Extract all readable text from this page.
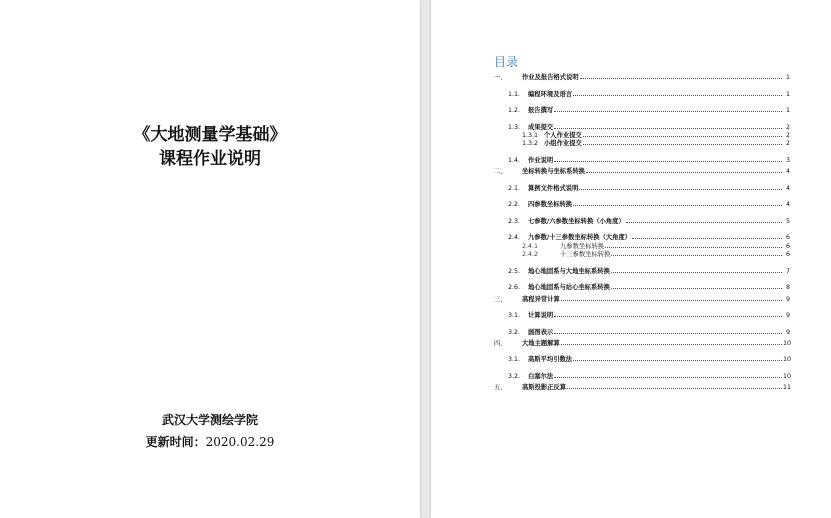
《大地测量学基础》
课程作业说明
武汉大学测绘学院
更新时间：2020.02.29
目录
一、	作业及报告格式说明	1
1.1.	编程环境及语言	1
1.2.	报告撰写	1
1.3.	成果提交	2
1.3.1 个人作业提交	2
1.3.2 小组作业提交	2
1.4.	作业说明	3
二、	坐标转换与坐标系转换	4
2.1.	算例文件格式说明	4
2.2.	四参数坐标转换	4
2.3.	七参数/六参数坐标转换（小角度）	5
2.4.	九参数/十三参数坐标转换（大角度）	6
2.4.1	九参数坐标转换	6
2.4.2	十三参数坐标转换	6
2.5.	地心地固系与大地坐标系转换	7
2.6.	地心地固系与站心坐标系转换	8
三、	高程异常计算	9
3.1.	计算说明	9
3.2.	画图表示	9
四、	大地主题解算	10
3.1.	高斯平均引数法	10
3.2.	白塞尔法	10
五、	高斯投影正反算	11
